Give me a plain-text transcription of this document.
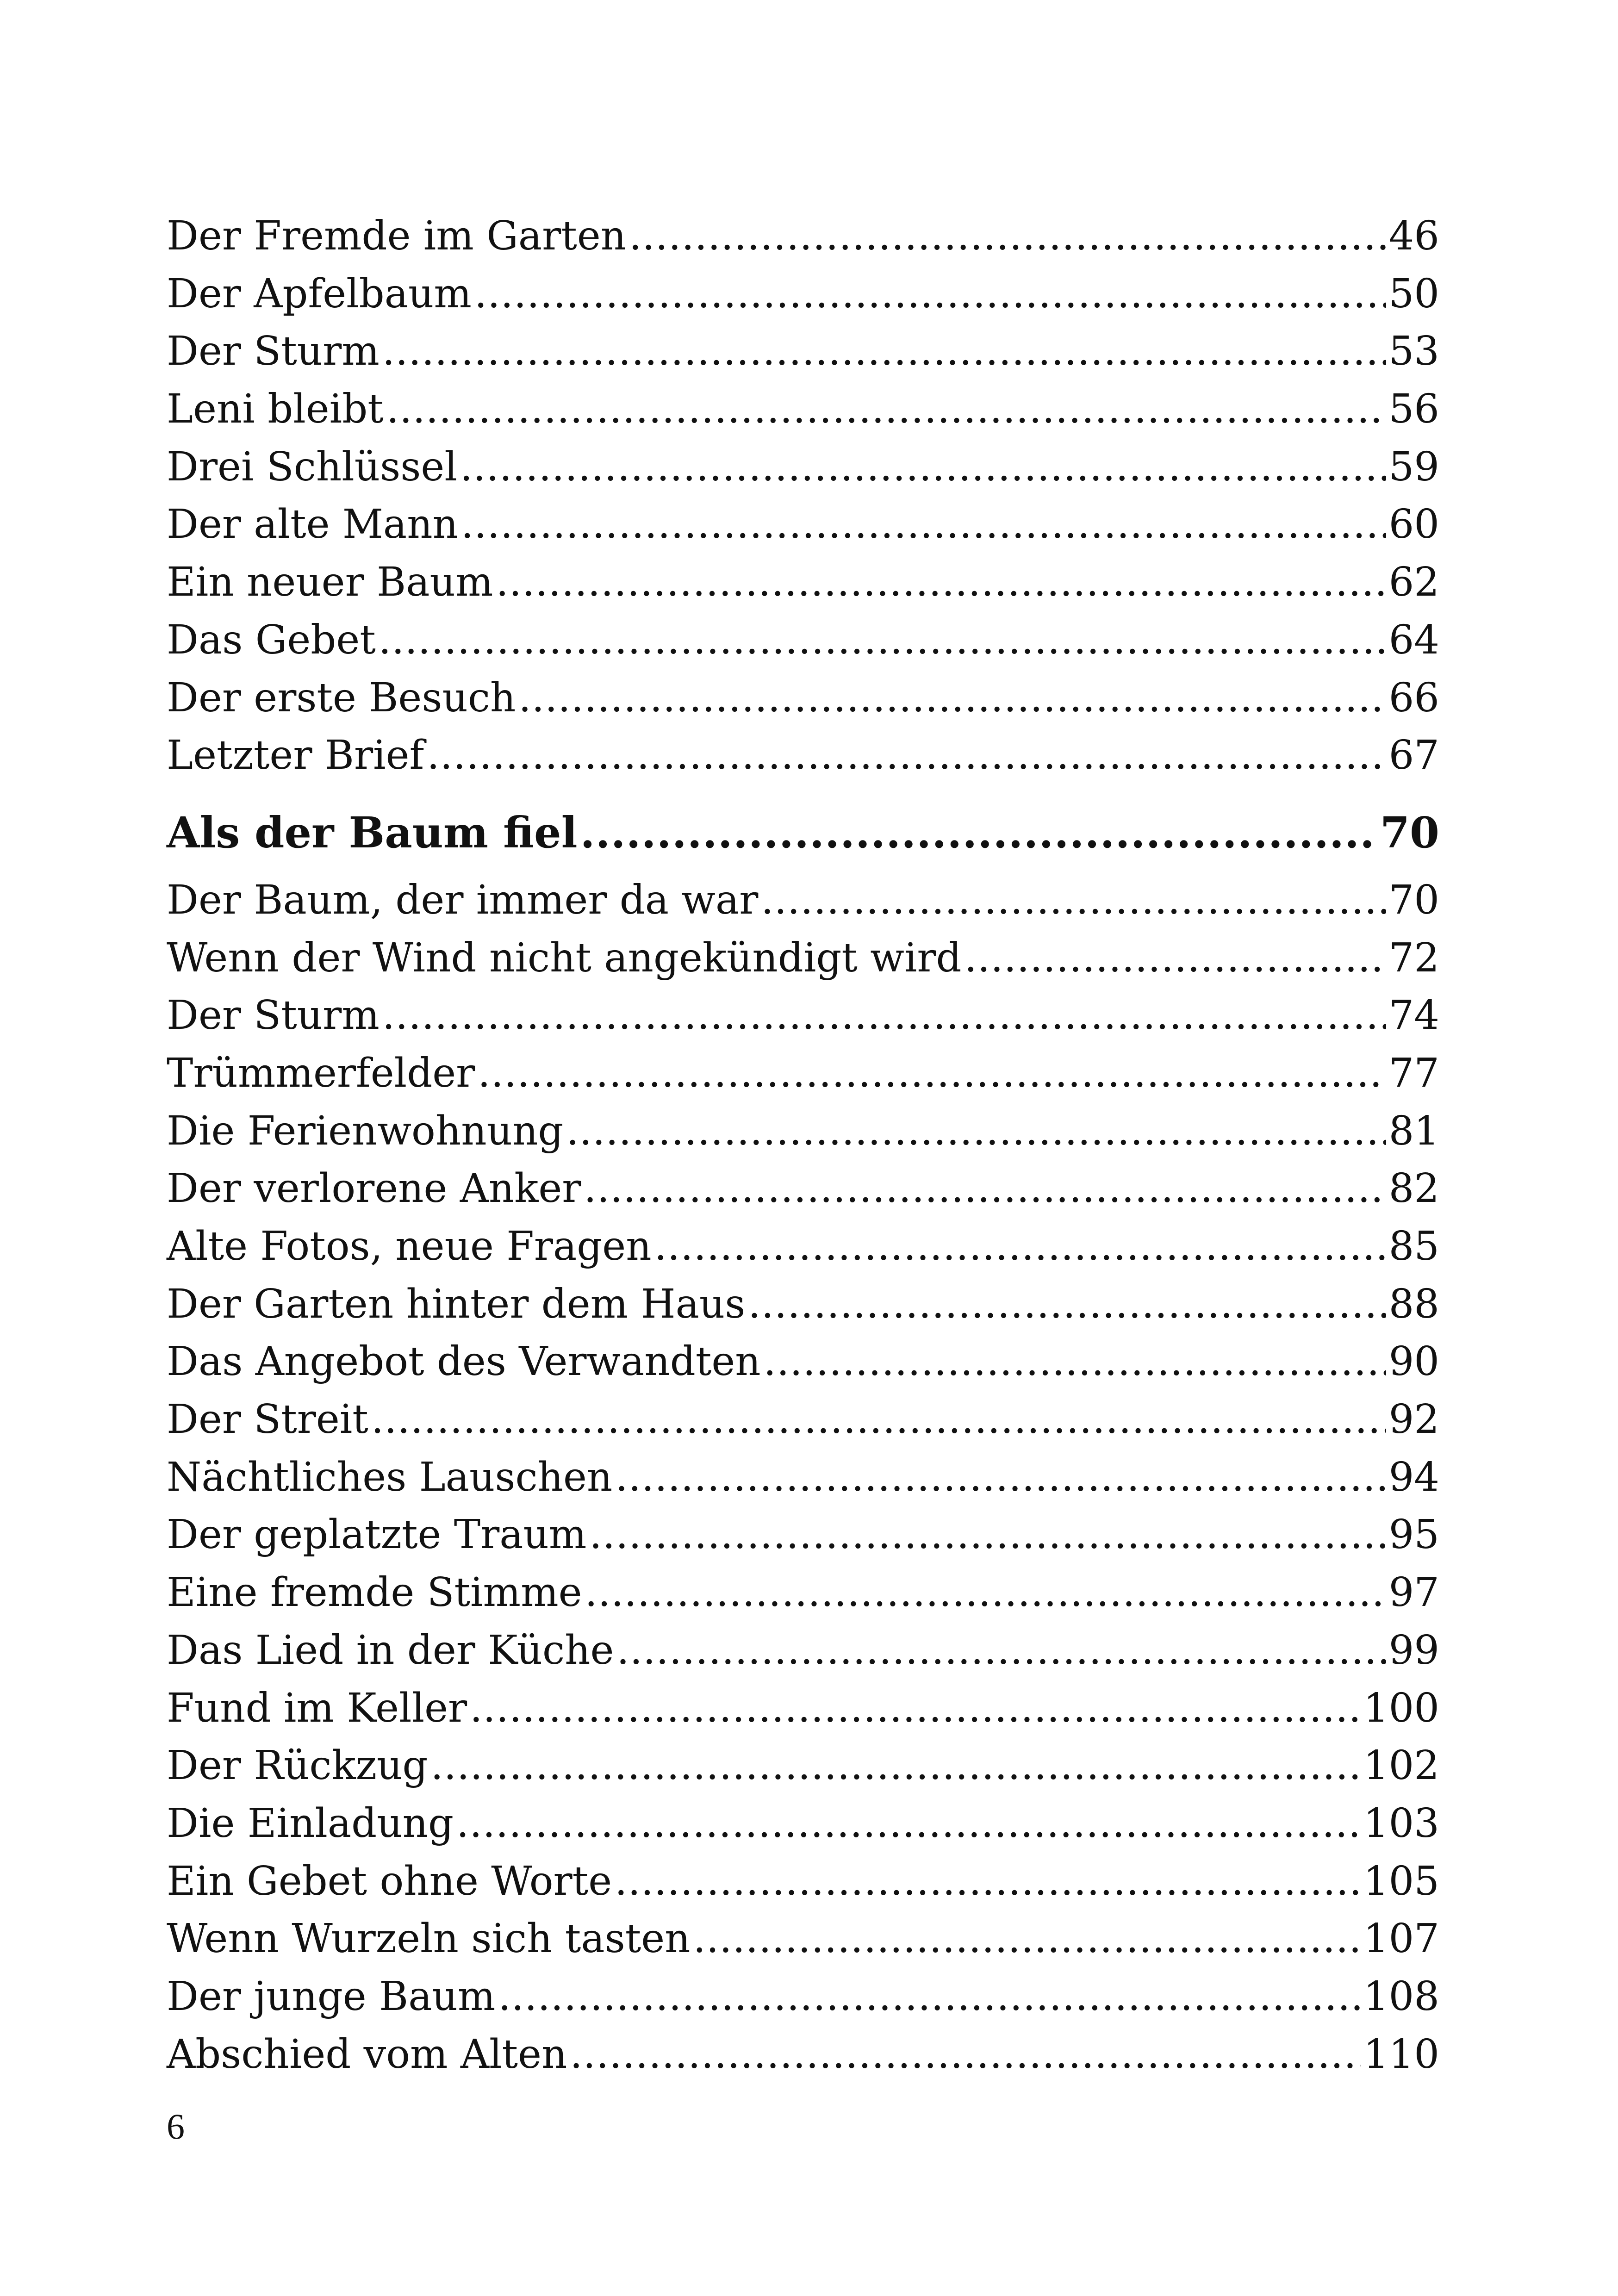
Der Fremde im Garten .....	46
Der Apfelbaum .....	50
Der Sturm .....	53
Leni bleibt .....	56
Drei Schlüssel .....	59
Der alte Mann .....	60
Ein neuer Baum .....	62
Das Gebet .....	64
Der erste Besuch .....	66
Letzter Brief .....	67
Als der Baum fiel .....	70
Der Baum, der immer da war .....	70
Wenn der Wind nicht angekündigt wird .....	72
Der Sturm .....	74
Trümmerfelder .....	77
Die Ferienwohnung .....	81
Der verlorene Anker .....	82
Alte Fotos, neue Fragen .....	85
Der Garten hinter dem Haus .....	88
Das Angebot des Verwandten .....	90
Der Streit .....	92
Nächtliches Lauschen .....	94
Der geplatzte Traum .....	95
Eine fremde Stimme .....	97
Das Lied in der Küche .....	99
Fund im Keller .....	100
Der Rückzug .....	102
Die Einladung .....	103
Ein Gebet ohne Worte .....	105
Wenn Wurzeln sich tasten .....	107
Der junge Baum .....	108
Abschied vom Alten .....	110
6
